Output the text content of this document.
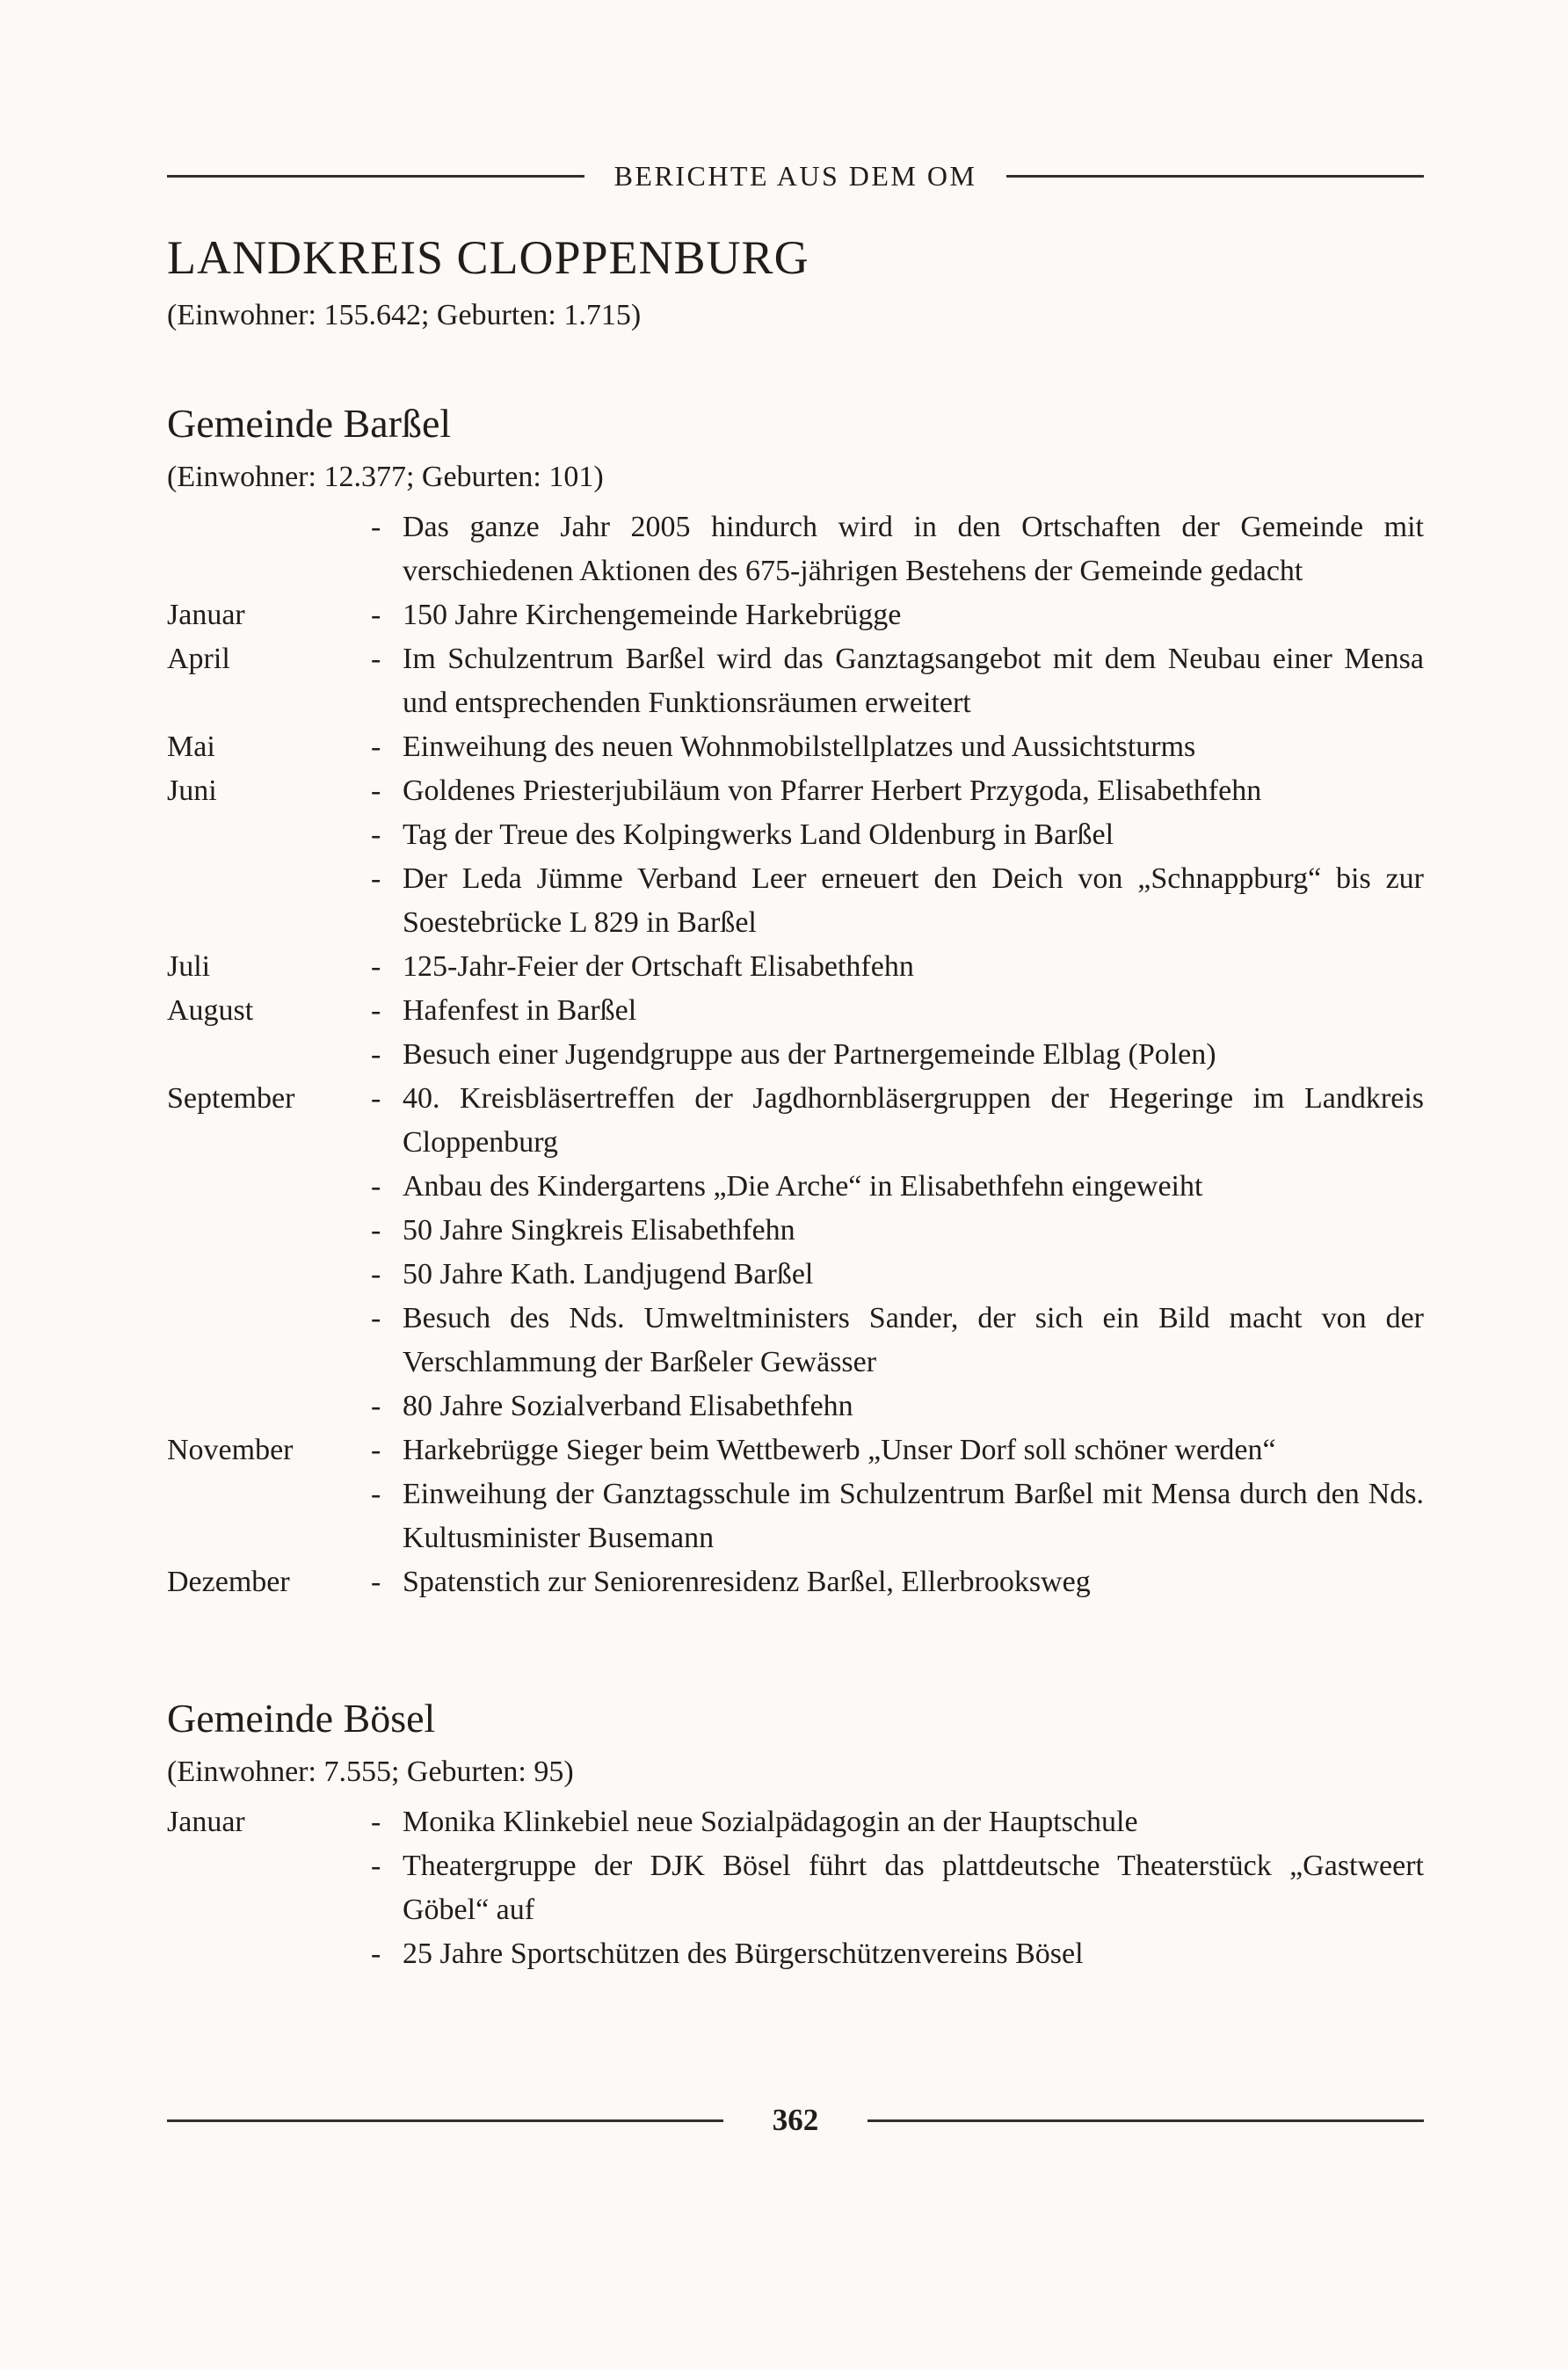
BERICHTE AUS DEM OM
LANDKREIS CLOPPENBURG

(Einwohner: 155.642; Geburten: 1.715)

Gemeinde Barßel

(Einwohner: 12.377; Geburten: 101)

- Das ganze Jahr 2005 hindurch wird in den Ortschaften der Gemeinde mit verschiedenen Aktionen des 675-jährigen Bestehens der Gemeinde gedacht
Januar	- 150 Jahre Kirchengemeinde Harkebrügge
April	- Im Schulzentrum Barßel wird das Ganztagsangebot mit dem Neubau einer Mensa und entsprechenden Funktionsräumen erweitert
Mai	- Einweihung des neuen Wohnmobilstellplatzes und Aussichtsturms
Juni	- Goldenes Priesterjubiläum von Pfarrer Herbert Przygoda, Elisabethfehn
- Tag der Treue des Kolpingwerks Land Oldenburg in Barßel
- Der Leda Jümme Verband Leer erneuert den Deich von „Schnappburg“ bis zur Soestebrücke L 829 in Barßel
Juli	- 125-Jahr-Feier der Ortschaft Elisabethfehn
August	- Hafenfest in Barßel
- Besuch einer Jugendgruppe aus der Partnergemeinde Elblag (Polen)
September	- 40. Kreisbläsertreffen der Jagdhornbläsergruppen der Hegeringe im Landkreis Cloppenburg
- Anbau des Kindergartens „Die Arche“ in Elisabethfehn eingeweiht
- 50 Jahre Singkreis Elisabethfehn
- 50 Jahre Kath. Landjugend Barßel
- Besuch des Nds. Umweltministers Sander, der sich ein Bild macht von der Verschlammung der Barßeler Gewässer
- 80 Jahre Sozialverband Elisabethfehn
November	- Harkebrügge Sieger beim Wettbewerb „Unser Dorf soll schöner werden“
- Einweihung der Ganztagsschule im Schulzentrum Barßel mit Mensa durch den Nds. Kultusminister Busemann
Dezember	- Spatenstich zur Seniorenresidenz Barßel, Ellerbrooksweg
Gemeinde Bösel

(Einwohner: 7.555; Geburten: 95)

Januar	- Monika Klinkebiel neue Sozialpädagogin an der Hauptschule
- Theatergruppe der DJK Bösel führt das plattdeutsche Theaterstück „Gastweert Göbel“ auf
- 25 Jahre Sportschützen des Bürgerschützenvereins Bösel
362
